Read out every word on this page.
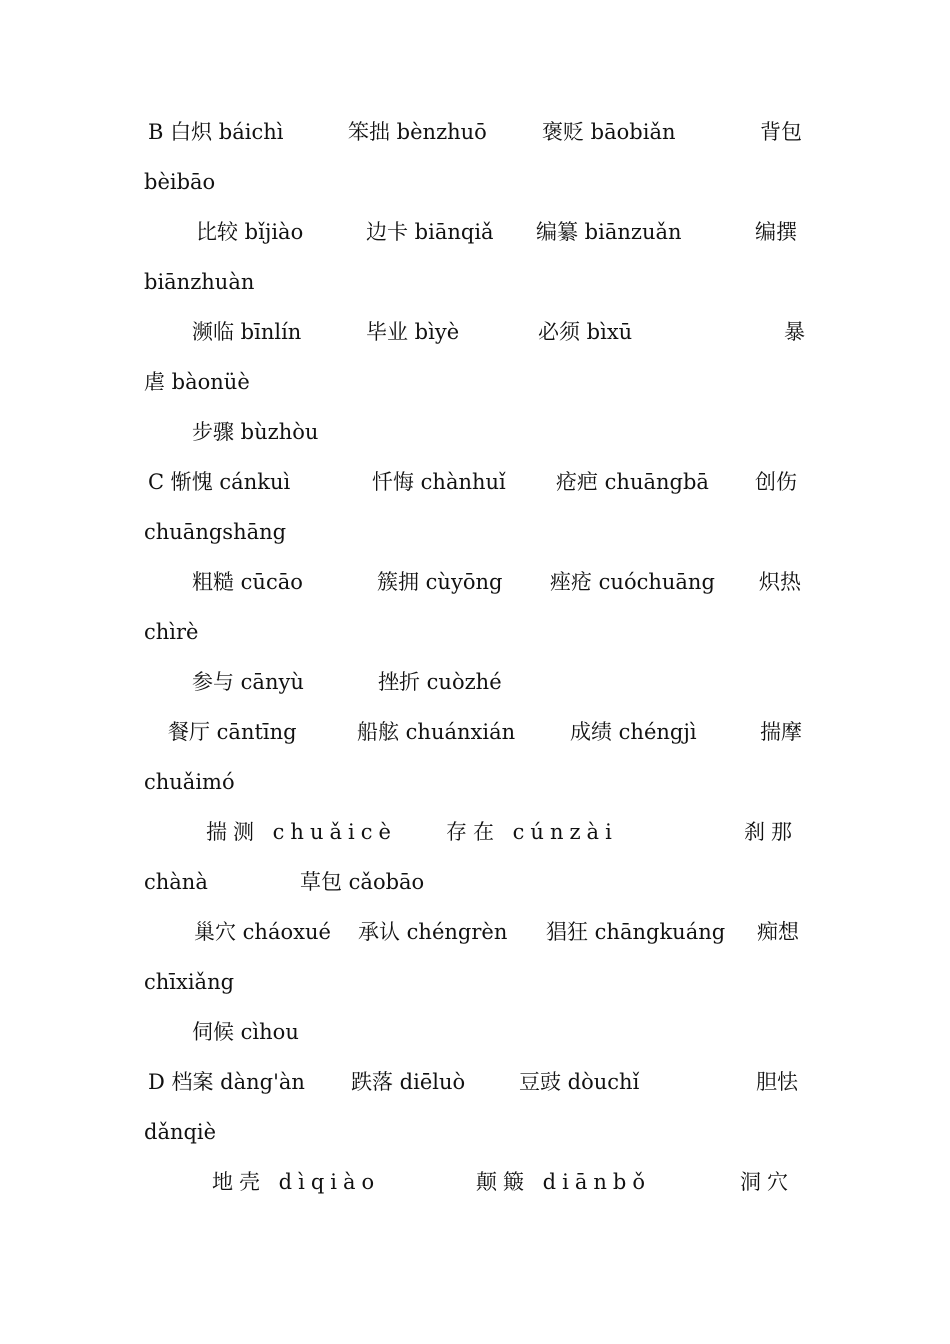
B 白炽 báichì	笨拙 bènzhuō	褒贬 bāobiǎn	背包
bèibāo
比较 bǐjiào	边卡 biānqiǎ 编纂 biānzuǎn	编撰
biānzhuàn
濒临 bīnlín	毕业 bìyè	必须 bìxū	暴
虐 bàonüè
步骤 bùzhòu
C 惭愧 cánkuì	忏悔 chànhuǐ 疮疤 chuāngbā 创伤
chuāngshāng
粗糙 cūcāo	簇拥 cùyōng 痤疮 cuóchuāng 炽热
chìrè
参与 cānyù	挫折 cuòzhé
餐厅 cāntīng	船舷 chuánxián	成绩 chéngjì	揣摩
chuǎimó
揣测 chuǎicè 存在 cúnzài	刹那
chànà	草包 cǎobāo
巢穴 cháoxué 承认 chéngrèn 猖狂 chāngkuáng 痴想
chīxiǎng
伺候 cìhou
D 档案 dàng'àn 跌落 diēluò	豆豉 dòuchǐ	胆怯
dǎnqiè
地壳 dìqiào	颠簸 diānbǒ	洞穴
